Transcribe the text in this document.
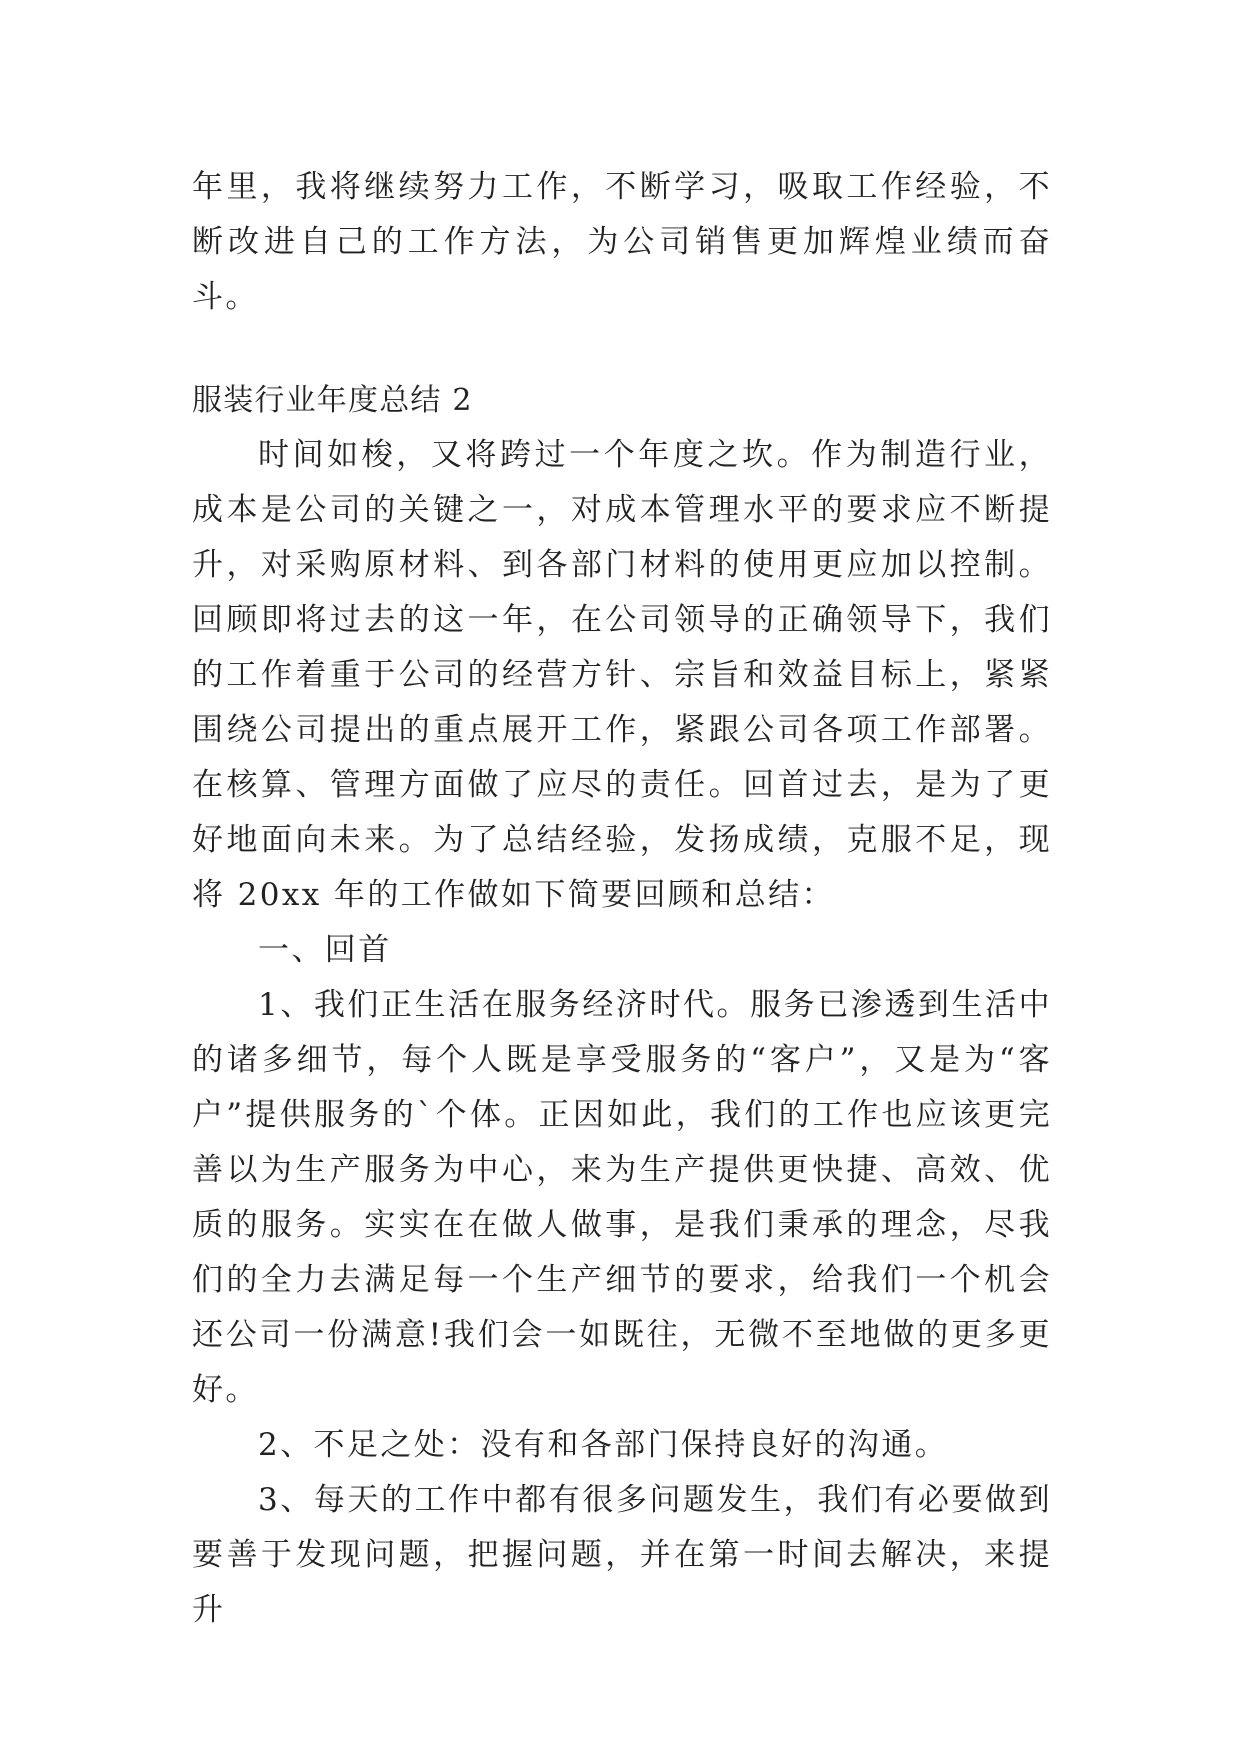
年里，我将继续努力工作，不断学习，吸取工作经验，不断改进自己的工作方法，为公司销售更加辉煌业绩而奋斗。

服装行业年度总结 2

时间如梭，又将跨过一个年度之坎。作为制造行业，成本是公司的关键之一，对成本管理水平的要求应不断提升，对采购原材料、到各部门材料的使用更应加以控制。回顾即将过去的这一年，在公司领导的正确领导下，我们的工作着重于公司的经营方针、宗旨和效益目标上，紧紧围绕公司提出的重点展开工作，紧跟公司各项工作部署。在核算、管理方面做了应尽的责任。回首过去，是为了更好地面向未来。为了总结经验，发扬成绩，克服不足，现将 20xx 年的工作做如下简要回顾和总结：

一、回首

1、我们正生活在服务经济时代。服务已渗透到生活中的诸多细节，每个人既是享受服务的“客户”，又是为“客户”提供服务的`个体。正因如此，我们的工作也应该更完善以为生产服务为中心，来为生产提供更快捷、高效、优质的服务。实实在在做人做事，是我们秉承的理念，尽我们的全力去满足每一个生产细节的要求，给我们一个机会还公司一份满意!我们会一如既往，无微不至地做的更多更好。

2、不足之处：没有和各部门保持良好的沟通。

3、每天的工作中都有很多问题发生，我们有必要做到要善于发现问题，把握问题，并在第一时间去解决，来提升
